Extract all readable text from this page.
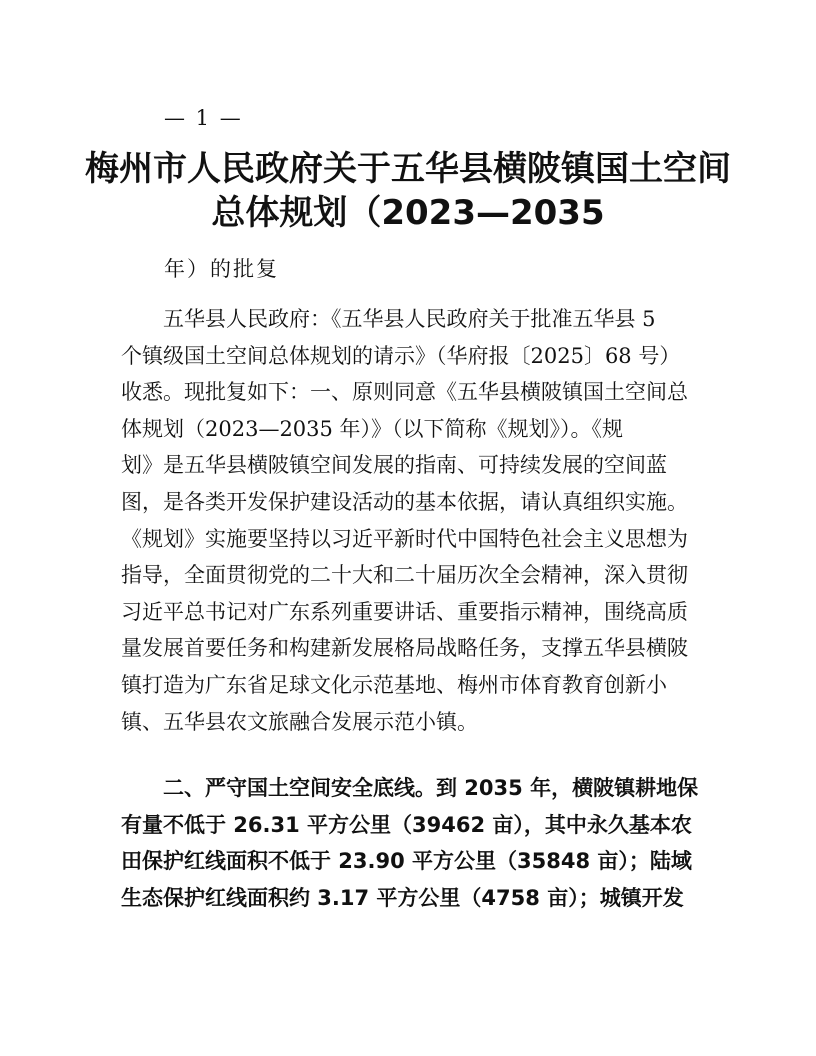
— 1 —
梅州市人民政府关于五华县横陂镇国土空间
总体规划（2023—2035
年）的批复
五华县人民政府：《五华县人民政府关于批准五华县 5
个镇级国土空间总体规划的请示》（华府报〔2025〕68 号）
收悉。现批复如下：一、原则同意《五华县横陂镇国土空间总
体规划（2023—2035 年）》（以下简称《规划》）。《规
划》是五华县横陂镇空间发展的指南、可持续发展的空间蓝
图，是各类开发保护建设活动的基本依据，请认真组织实施。
《规划》实施要坚持以习近平新时代中国特色社会主义思想为
指导，全面贯彻党的二十大和二十届历次全会精神，深入贯彻
习近平总书记对广东系列重要讲话、重要指示精神，围绕高质
量发展首要任务和构建新发展格局战略任务，支撑五华县横陂
镇打造为广东省足球文化示范基地、梅州市体育教育创新小
镇、五华县农文旅融合发展示范小镇。
二、严守国土空间安全底线。到 2035 年，横陂镇耕地保
有量不低于 26.31 平方公里（39462 亩），其中永久基本农
田保护红线面积不低于 23.90 平方公里（35848 亩）；陆域
生态保护红线面积约 3.17 平方公里（4758 亩）；城镇开发
